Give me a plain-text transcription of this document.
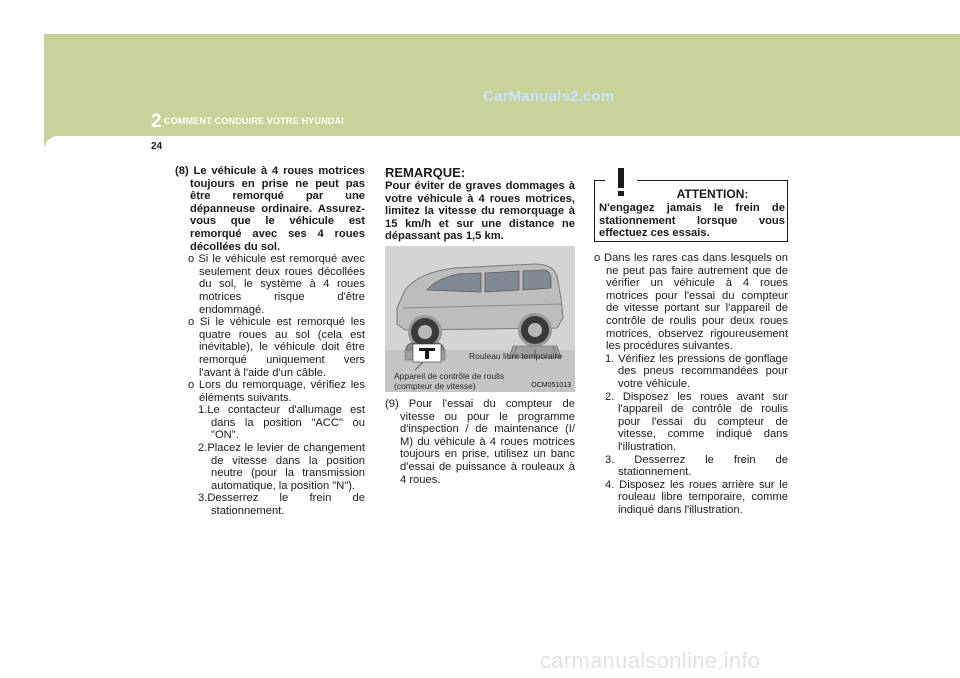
CarManuals2.com
2 COMMENT CONDUIRE VOTRE HYUNDAI
24

(8) Le véhicule à 4 roues motrices toujours en prise ne peut pas être remorqué par une dépanneuse ordinaire. Assurez-vous que le véhicule est remorqué avec ses 4 roues décollées du sol.

o Si le véhicule est remorqué avec seulement deux roues décollées du sol, le système à 4 roues motrices risque d'être endommagé.

o Si le véhicule est remorqué les quatre roues au sol (cela est inévitable), le véhicule doit être remorqué uniquement vers l'avant à l'aide d'un câble.

o Lors du remorquage, vérifiez les éléments suivants.

1.Le contacteur d'allumage est dans la position "ACC" ou "ON".

2.Placez le levier de changement de vitesse dans la position neutre (pour la transmission automatique, la position "N").

3.Desserrez le frein de stationnement.

REMARQUE:

Pour éviter de graves dommages à votre véhicule à 4 roues motrices, limitez la vitesse du remorquage à 15 km/h et sur une distance ne dépassant pas 1,5 km.

Rouleau libre temporaire
Appareil de contrôle de roulis
(compteur de vitesse)	OCM051013

(9) Pour l'essai du compteur de vitesse ou pour le programme d'inspection / de maintenance (I/ M) du véhicule à 4 roues motrices toujours en prise, utilisez un banc d'essai de puissance à rouleaux à 4 roues.

ATTENTION:
N'engagez jamais le frein de stationnement lorsque vous effectuez ces essais.

o Dans les rares cas dans lesquels on ne peut pas faire autrement que de vérifier un véhicule à 4 roues motrices pour l'essai du compteur de vitesse portant sur l'appareil de contrôle de roulis pour deux roues motrices, observez rigoureusement les procédures suivantes.

1. Vérifiez les pressions de gonflage des pneus recommandées pour votre véhicule.

2. Disposez les roues avant sur l'appareil de contrôle de roulis pour l'essai du compteur de vitesse, comme indiqué dans l'illustration.

3. Desserrez le frein de stationnement.

4. Disposez les roues arrière sur le rouleau libre temporaire, comme indiqué dans l'illustration.

carmanualsonline.info
